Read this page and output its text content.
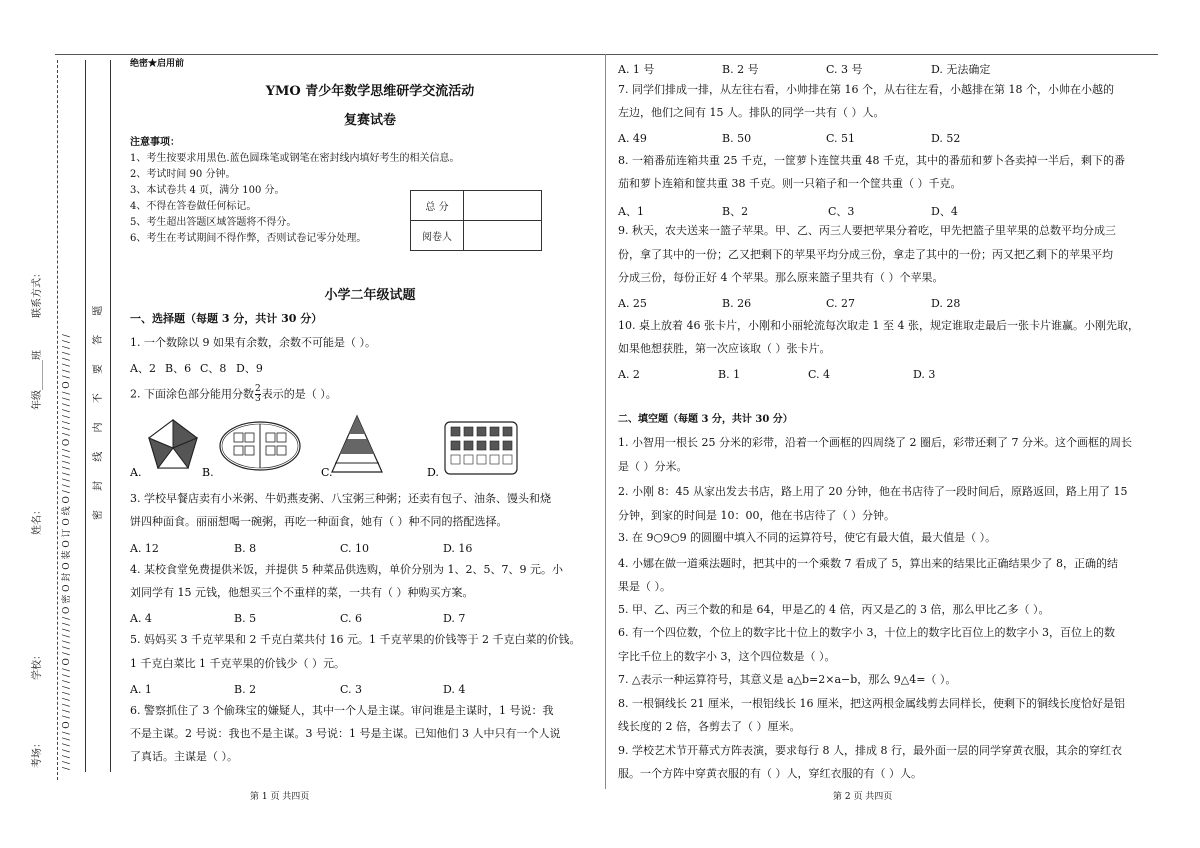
考场：
学校：
姓名：
年级______班
联系方式：
/ / / / / / / O / / / / / / / / / O / / / / / / / O 密 O 封 O 装 O 订 O 线 O / / / / / / / / O / / / / / / / / O / / / / / / / /	密 封 线 内 不 要 答 题
绝密★启用前
YMO 青少年数学思维研学交流活动
复赛试卷
注意事项：
1、考生按要求用黑色.蓝色圆珠笔或钢笔在密封线内填好考生的相关信息。
2、考试时间 90 分钟。
3、本试卷共 4 页，满分 100 分。
4、不得在答卷做任何标记。
5、考生超出答题区域答题将不得分。
6、考生在考试期间不得作弊，否则试卷记零分处理。
总 分	
阅卷人	
小学二年级试题
一、选择题（每题 3 分，共计 30 分）
1. 一个数除以 9 如果有余数，余数不可能是（ ）。
A、2 B、6 C、8 D、9
2. 下面涂色部分能用分数 $\frac{2}{3}$ 表示的是（ ）。
A.	B.	C.	D.
3. 学校早餐店卖有小米粥、牛奶燕麦粥、八宝粥三种粥；还卖有包子、油条、馒头和烧
饼四种面食。丽丽想喝一碗粥，再吃一种面食，她有（ ）种不同的搭配选择。
A. 12	B. 8	C. 10	D. 16
4. 某校食堂免费提供米饭，并提供 5 种菜品供选购，单价分别为 1、2、5、7、9 元。小
刘同学有 15 元钱，他想买三个不重样的菜，一共有（ ）种购买方案。
A. 4	B. 5	C. 6	D. 7
5. 妈妈买 3 千克苹果和 2 千克白菜共付 16 元。1 千克苹果的价钱等于 2 千克白菜的价钱。
1 千克白菜比 1 千克苹果的价钱少（ ）元。
A. 1	B. 2	C. 3	D. 4
6. 警察抓住了 3 个偷珠宝的嫌疑人，其中一个人是主谋。审问谁是主谋时，1 号说：我
不是主谋。2 号说：我也不是主谋。3 号说：1 号是主谋。已知他们 3 人中只有一个人说
了真话。主谋是（ ）。
第 1 页 共四页
A. 1 号	B. 2 号	C. 3 号	D. 无法确定
7. 同学们排成一排，从左往右看，小帅排在第 16 个，从右往左看，小越排在第 18 个，小帅在小越的
左边，他们之间有 15 人。排队的同学一共有（ ）人。
A. 49	B. 50	C. 51	D. 52
8. 一箱番茄连箱共重 25 千克，一筐萝卜连筐共重 48 千克，其中的番茄和萝卜各卖掉一半后，剩下的番
茄和萝卜连箱和筐共重 38 千克。则一只箱子和一个筐共重（ ）千克。
A、1	B、2	C、3	D、4
9. 秋天，农夫送来一篮子苹果。甲、乙、丙三人要把苹果分着吃，甲先把篮子里苹果的总数平均分成三
份，拿了其中的一份；乙又把剩下的苹果平均分成三份，拿走了其中的一份；丙又把乙剩下的苹果平均
分成三份，每份正好 4 个苹果。那么原来篮子里共有（ ）个苹果。
A. 25	B. 26	C. 27	D. 28
10. 桌上放着 46 张卡片，小刚和小丽轮流每次取走 1 至 4 张，规定谁取走最后一张卡片谁赢。小刚先取，
如果他想获胜，第一次应该取（ ）张卡片。
A. 2	B. 1	C. 4	D. 3
二、填空题（每题 3 分，共计 30 分）
1. 小智用一根长 25 分米的彩带，沿着一个画框的四周绕了 2 圈后，彩带还剩了 7 分米。这个画框的周长
是（ ）分米。
2. 小刚 8：45 从家出发去书店，路上用了 20 分钟，他在书店待了一段时间后，原路返回，路上用了 15
分钟，到家的时间是 10：00，他在书店待了（ ）分钟。
3. 在 9○9○9 的圆圈中填入不同的运算符号，使它有最大值，最大值是（ ）。
4. 小娜在做一道乘法题时，把其中的一个乘数 7 看成了 5，算出来的结果比正确结果少了 8，正确的结
果是（ ）。
5. 甲、乙、丙三个数的和是 64，甲是乙的 4 倍，丙又是乙的 3 倍，那么甲比乙多（ ）。
6. 有一个四位数，个位上的数字比十位上的数字小 3，十位上的数字比百位上的数字小 3，百位上的数
字比千位上的数字小 3，这个四位数是（ ）。
7. △表示一种运算符号，其意义是 a△b=2×a−b，那么 9△4=（ ）。
8. 一根铜线长 21 厘米，一根铝线长 16 厘米，把这两根金属线剪去同样长，使剩下的铜线长度恰好是铝
线长度的 2 倍，各剪去了（ ）厘米。
9. 学校艺术节开幕式方阵表演，要求每行 8 人，排成 8 行，最外面一层的同学穿黄衣服，其余的穿红衣
服。一个方阵中穿黄衣服的有（ ）人，穿红衣服的有（ ）人。
第 2 页 共四页
